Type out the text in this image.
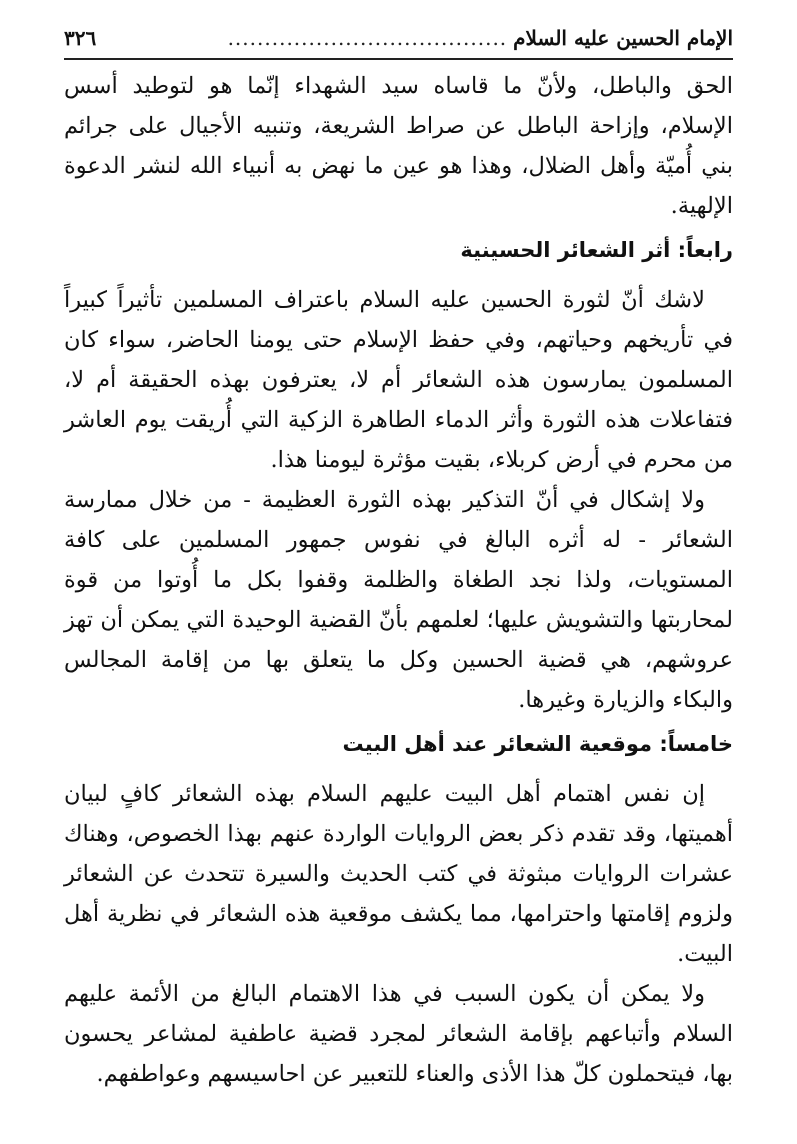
الإمام الحسين عليه السلام
......................................
٣٢٦

الحق والباطل، ولأنّ ما قاساه سيد الشهداء إنّما هو لتوطيد أسس الإسلام، وإزاحة الباطل عن صراط الشريعة، وتنبيه الأجيال على جرائم بني أُميّة وأهل الضلال، وهذا هو عين ما نهض به أنبياء الله لنشر الدعوة الإلهية.

رابعاً: أثر الشعائر الحسينية

لاشك أنّ لثورة الحسين عليه السلام باعتراف المسلمين تأثيراً كبيراً في تأريخهم وحياتهم، وفي حفظ الإسلام حتى يومنا الحاضر، سواء كان المسلمون يمارسون هذه الشعائر أم لا، يعترفون بهذه الحقيقة أم لا، فتفاعلات هذه الثورة وأثر الدماء الطاهرة الزكية التي أُريقت يوم العاشر من محرم في أرض كربلاء، بقيت مؤثرة ليومنا هذا.

ولا إشكال في أنّ التذكير بهذه الثورة العظيمة - من خلال ممارسة الشعائر - له أثره البالغ في نفوس جمهور المسلمين على كافة المستويات، ولذا نجد الطغاة والظلمة وقفوا بكل ما أُوتوا من قوة لمحاربتها والتشويش عليها؛ لعلمهم بأنّ القضية الوحيدة التي يمكن أن تهز عروشهم، هي قضية الحسين وكل ما يتعلق بها من إقامة المجالس والبكاء والزيارة وغيرها.

خامساً: موقعية الشعائر عند أهل البيت

إن نفس اهتمام أهل البيت عليهم السلام بهذه الشعائر كافٍ لبيان أهميتها، وقد تقدم ذكر بعض الروايات الواردة عنهم بهذا الخصوص، وهناك عشرات الروايات مبثوثة في كتب الحديث والسيرة تتحدث عن الشعائر ولزوم إقامتها واحترامها، مما يكشف موقعية هذه الشعائر في نظرية أهل البيت.

ولا يمكن أن يكون السبب في هذا الاهتمام البالغ من الأئمة عليهم السلام وأتباعهم بإقامة الشعائر لمجرد قضية عاطفية لمشاعر يحسون بها، فيتحملون كلّ هذا الأذى والعناء للتعبير عن احاسيسهم وعواطفهم.
